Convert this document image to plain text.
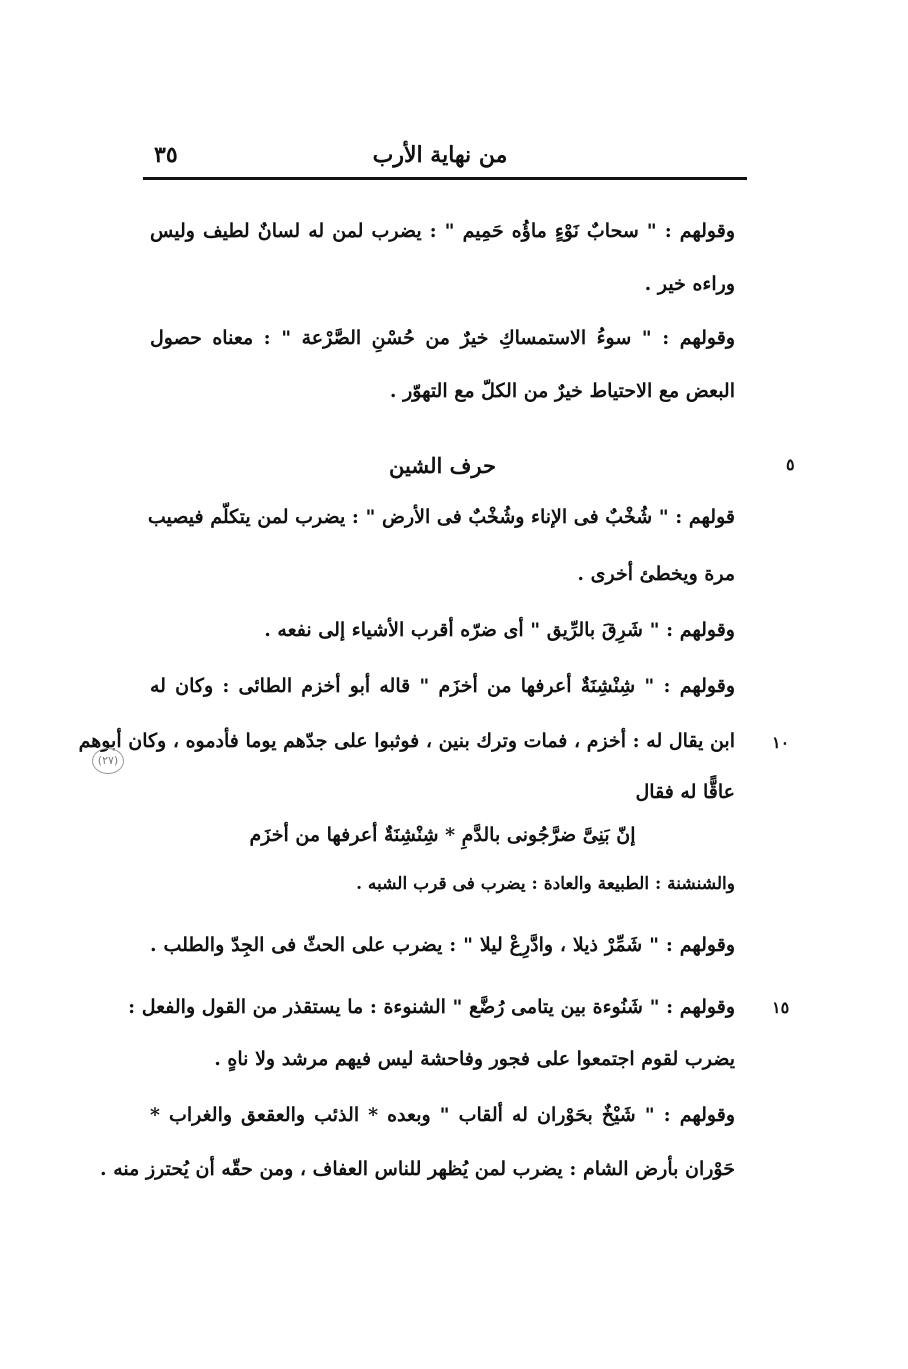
٣٥	من نهاية الأرب
وقولهم : " سحابٌ نَوْءٍ ماؤُه حَمِيم " : يضرب لمن له لسانٌ لطيف وليس
وراءه خير .
وقولهم : " سوءُ الاستمساكِ خيرٌ من حُسْنِ الصَّرْعة " : معناه حصول
البعض مع الاحتياط خيرٌ من الكلّ مع التهوّر .
حرف الشين	٥
قولهم : " شُخْبٌ فى الإناء وشُخْبٌ فى الأرض " : يضرب لمن يتكلّم فيصيب
مرة ويخطئ أخرى .
وقولهم : " شَرِقَ بالرِّيق " أى ضرّه أقرب الأشياء إلى نفعه .
وقولهم : " شِنْشِنَةٌ أعرفها من أخزَم " قاله أبو أخزم الطائى : وكان له
ابن يقال له : أخزم ، فمات وترك بنين ، فوثبوا على جدّهم يوما فأدموه ، وكان أبوهم ١٠
(٢٧)
عاقًّا له فقال
إنّ بَنِىَّ ضرَّجُونى بالدَّمِ * شِنْشِنَةٌ أعرفها من أخزَم
والشنشنة : الطبيعة والعادة : يضرب فى قرب الشبه .
وقولهم : " شَمِّرْ ذيلا ، وادَّرِعْ ليلا " : يضرب على الحثّ فى الجِدّ والطلب .
وقولهم : " شَنُوءة بين يتامى رُضَّع " الشنوءة : ما يستقذر من القول والفعل : ١٥
يضرب لقوم اجتمعوا على فجور وفاحشة ليس فيهم مرشد ولا ناهٍ .
وقولهم : " شَيْخٌ بحَوْران له ألقاب " وبعده * الذئب والعقعق والغراب *
حَوْران بأرض الشام : يضرب لمن يُظهر للناس العفاف ، ومن حقّه أن يُحترز منه .
